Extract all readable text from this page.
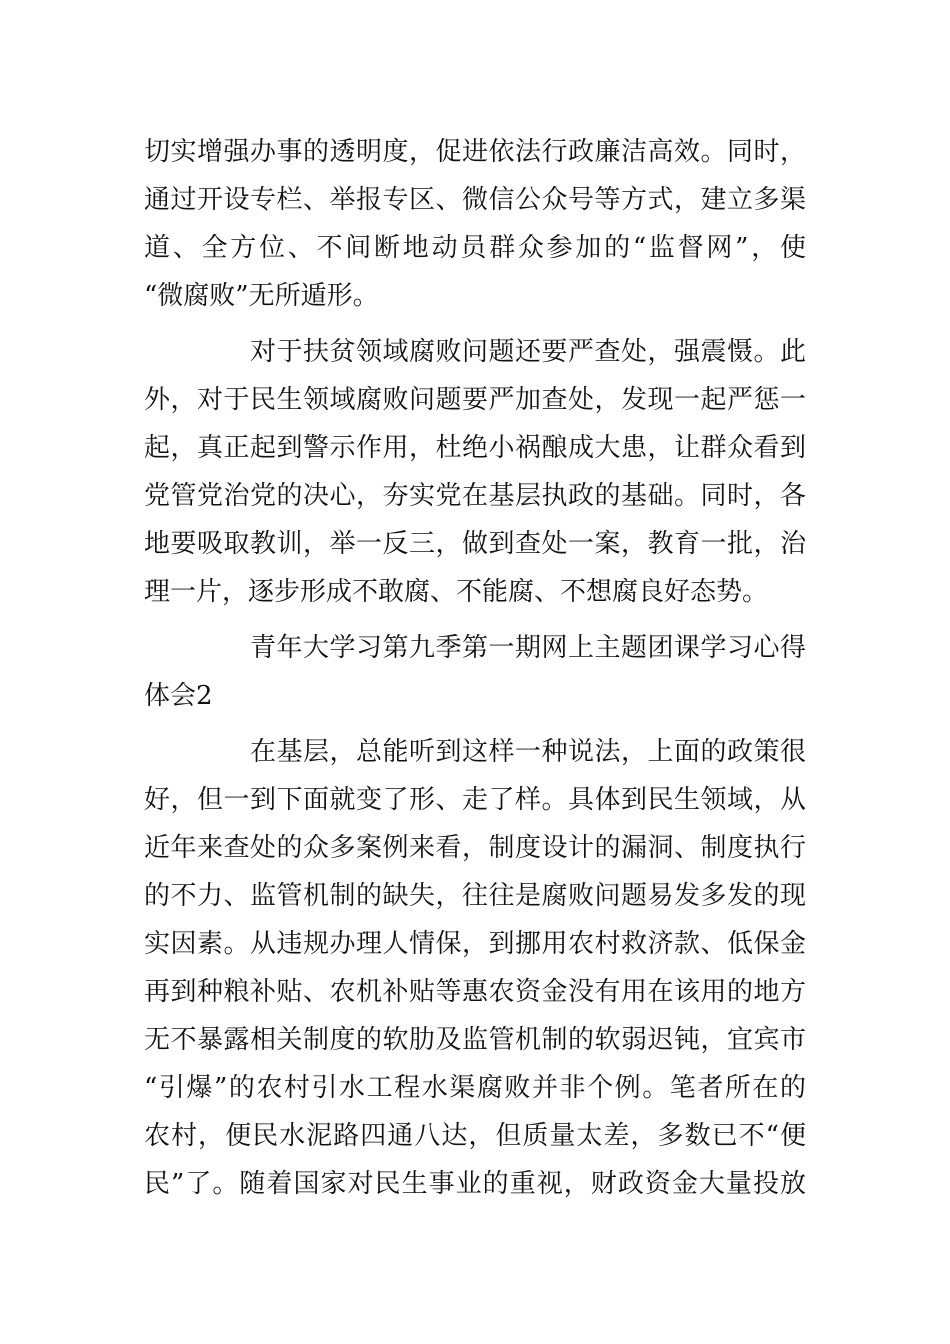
切实增强办事的透明度，促进依法行政廉洁高效。同时，
通过开设专栏、举报专区、微信公众号等方式，建立多渠
道、全方位、不间断地动员群众参加的“监督网”，使
“微腐败”无所遁形。
对于扶贫领域腐败问题还要严查处，强震慑。此
外，对于民生领域腐败问题要严加查处，发现一起严惩一
起，真正起到警示作用，杜绝小祸酿成大患，让群众看到
党管党治党的决心，夯实党在基层执政的基础。同时，各
地要吸取教训，举一反三，做到查处一案，教育一批，治
理一片，逐步形成不敢腐、不能腐、不想腐良好态势。
青年大学习第九季第一期网上主题团课学习心得
体会2
在基层，总能听到这样一种说法，上面的政策很
好，但一到下面就变了形、走了样。具体到民生领域，从
近年来查处的众多案例来看，制度设计的漏洞、制度执行
的不力、监管机制的缺失，往往是腐败问题易发多发的现
实因素。从违规办理人情保，到挪用农村救济款、低保金
再到种粮补贴、农机补贴等惠农资金没有用在该用的地方
无不暴露相关制度的软肋及监管机制的软弱迟钝，宜宾市
“引爆”的农村引水工程水渠腐败并非个例。笔者所在的
农村，便民水泥路四通八达，但质量太差，多数已不“便
民”了。随着国家对民生事业的重视，财政资金大量投放
